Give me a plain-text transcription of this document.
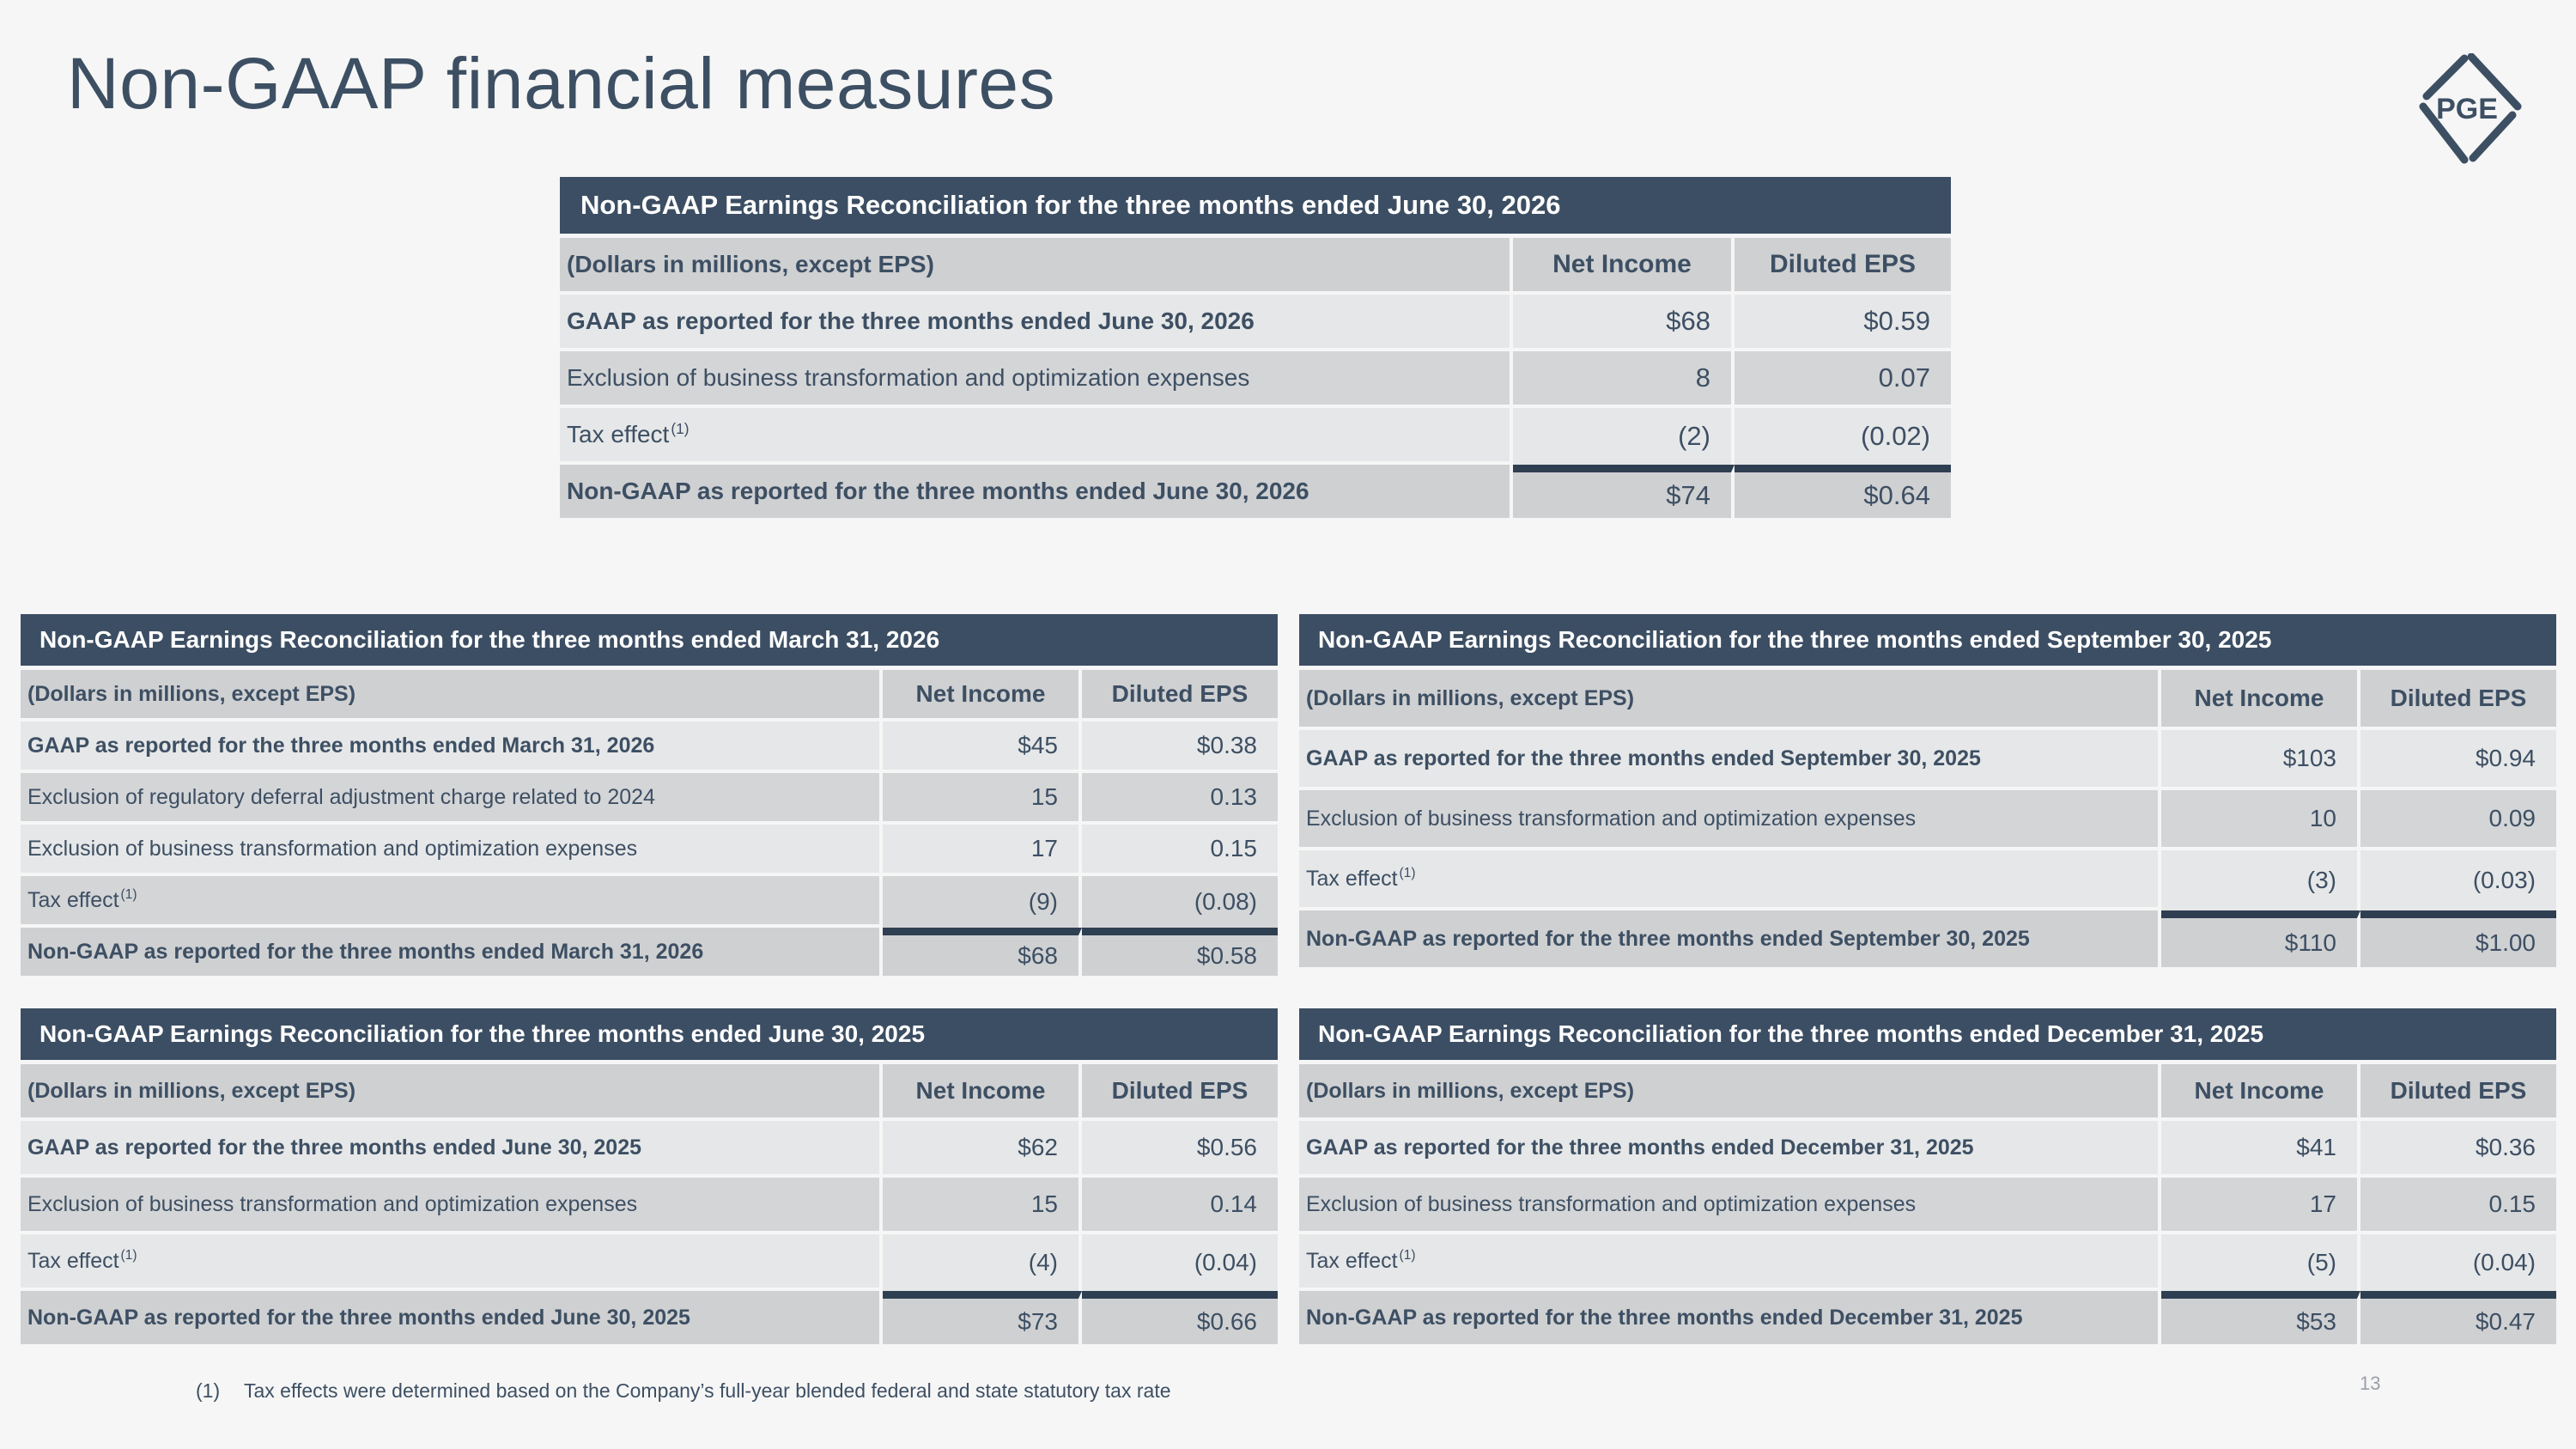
Non-GAAP financial measures	PGE
Non-GAAP Earnings Reconciliation for the three months ended June 30, 2026
(Dollars in millions, except EPS)	Net Income	Diluted EPS
GAAP as reported for the three months ended June 30, 2026	$68	$0.59
Exclusion of business transformation and optimization expenses	8	0.07
Tax effect $^{(1)}$	(2)	(0.02)
Non-GAAP as reported for the three months ended June 30, 2026	$74	$0.64
Non-GAAP Earnings Reconciliation for the three months ended March 31, 2026
(Dollars in millions, except EPS)	Net Income	Diluted EPS
GAAP as reported for the three months ended March 31, 2026	$45	$0.38
Exclusion of regulatory deferral adjustment charge related to 2024	15	0.13
Exclusion of business transformation and optimization expenses	17	0.15
Tax effect $^{(1)}$	(9)	(0.08)
Non-GAAP as reported for the three months ended March 31, 2026	$68	$0.58
Non-GAAP Earnings Reconciliation for the three months ended September 30, 2025
(Dollars in millions, except EPS)	Net Income	Diluted EPS
GAAP as reported for the three months ended September 30, 2025	$103	$0.94
Exclusion of business transformation and optimization expenses	10	0.09
Tax effect $^{(1)}$	(3)	(0.03)
Non-GAAP as reported for the three months ended September 30, 2025	$110	$1.00
Non-GAAP Earnings Reconciliation for the three months ended June 30, 2025
(Dollars in millions, except EPS)	Net Income	Diluted EPS
GAAP as reported for the three months ended June 30, 2025	$62	$0.56
Exclusion of business transformation and optimization expenses	15	0.14
Tax effect $^{(1)}$	(4)	(0.04)
Non-GAAP as reported for the three months ended June 30, 2025	$73	$0.66
Non-GAAP Earnings Reconciliation for the three months ended December 31, 2025
(Dollars in millions, except EPS)	Net Income	Diluted EPS
GAAP as reported for the three months ended December 31, 2025	$41	$0.36
Exclusion of business transformation and optimization expenses	17	0.15
Tax effect $^{(1)}$	(5)	(0.04)
Non-GAAP as reported for the three months ended December 31, 2025	$53	$0.47
(1) Tax effects were determined based on the Company’s full-year blended federal and state statutory tax rate	13
